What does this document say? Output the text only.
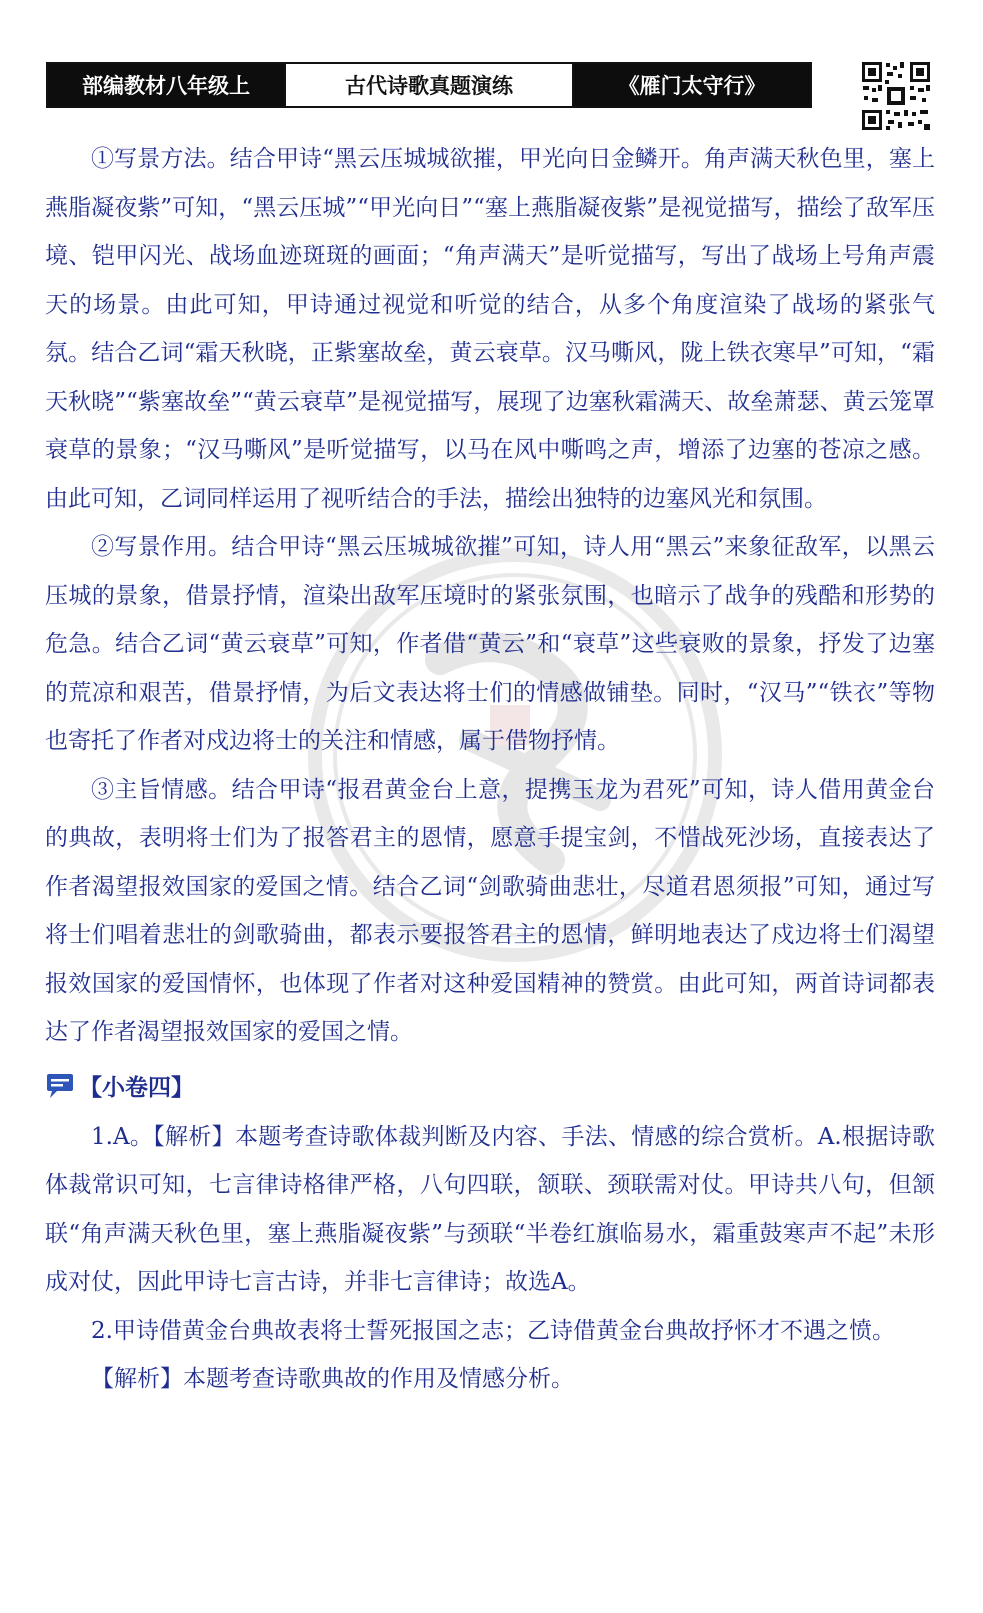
部编教材八年级上	古代诗歌真题演练	《雁门太守行》

①写景方法。结合甲诗“黑云压城城欲摧，甲光向日金鳞开。角声满天秋色里，塞上燕脂凝夜紫”可知，“黑云压城”“甲光向日”“塞上燕脂凝夜紫”是视觉描写，描绘了敌军压境、铠甲闪光、战场血迹斑斑的画面；“角声满天”是听觉描写，写出了战场上号角声震天的场景。由此可知，甲诗通过视觉和听觉的结合，从多个角度渲染了战场的紧张气氛。结合乙词“霜天秋晓，正紫塞故垒，黄云衰草。汉马嘶风，陇上铁衣寒早”可知，“霜天秋晓”“紫塞故垒”“黄云衰草”是视觉描写，展现了边塞秋霜满天、故垒萧瑟、黄云笼罩衰草的景象；“汉马嘶风”是听觉描写，以马在风中嘶鸣之声，增添了边塞的苍凉之感。由此可知，乙词同样运用了视听结合的手法，描绘出独特的边塞风光和氛围。

②写景作用。结合甲诗“黑云压城城欲摧”可知，诗人用“黑云”来象征敌军，以黑云压城的景象，借景抒情，渲染出敌军压境时的紧张氛围，也暗示了战争的残酷和形势的危急。结合乙词“黄云衰草”可知，作者借“黄云”和“衰草”这些衰败的景象，抒发了边塞的荒凉和艰苦，借景抒情，为后文表达将士们的情感做铺垫。同时，“汉马”“铁衣”等物也寄托了作者对戍边将士的关注和情感，属于借物抒情。

③主旨情感。结合甲诗“报君黄金台上意，提携玉龙为君死”可知，诗人借用黄金台的典故，表明将士们为了报答君主的恩情，愿意手提宝剑，不惜战死沙场，直接表达了作者渴望报效国家的爱国之情。结合乙词“剑歌骑曲悲壮，尽道君恩须报”可知，通过写将士们唱着悲壮的剑歌骑曲，都表示要报答君主的恩情，鲜明地表达了戍边将士们渴望报效国家的爱国情怀，也体现了作者对这种爱国精神的赞赏。由此可知，两首诗词都表达了作者渴望报效国家的爱国之情。

【小卷四】

1.A。【解析】本题考查诗歌体裁判断及内容、手法、情感的综合赏析。A.根据诗歌体裁常识可知，七言律诗格律严格，八句四联，颔联、颈联需对仗。甲诗共八句，但颔联“角声满天秋色里，塞上燕脂凝夜紫”与颈联“半卷红旗临易水，霜重鼓寒声不起”未形成对仗，因此甲诗七言古诗，并非七言律诗；故选A。

2.甲诗借黄金台典故表将士誓死报国之志；乙诗借黄金台典故抒怀才不遇之愤。

【解析】本题考查诗歌典故的作用及情感分析。
